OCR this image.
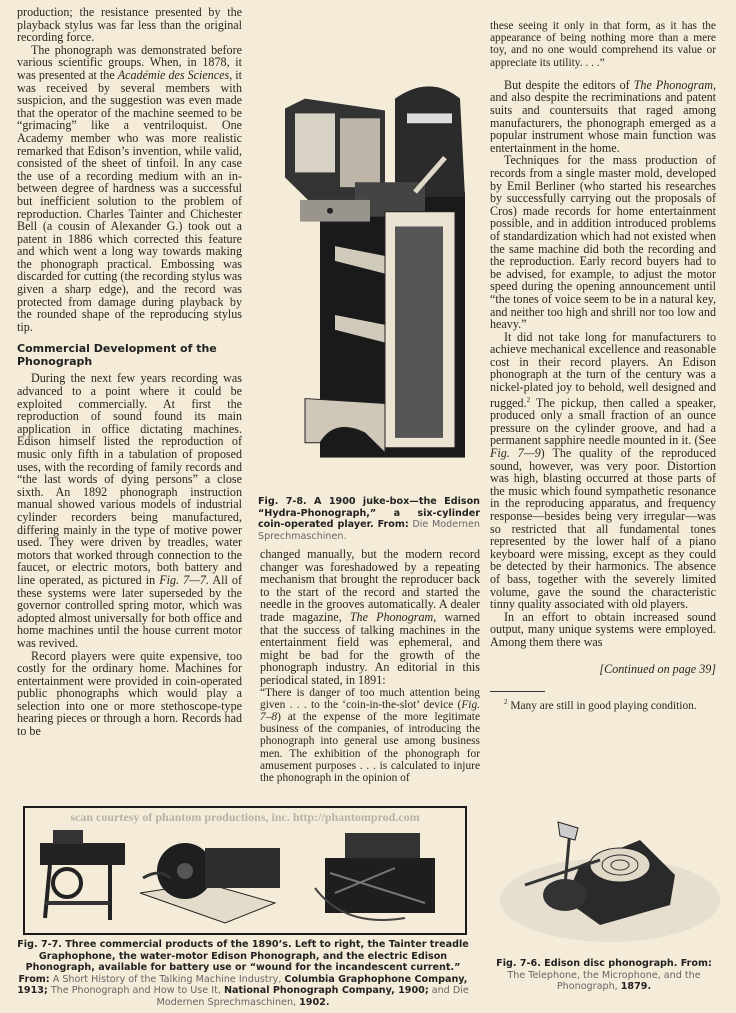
production; the resistance presented by the playback stylus was far less than the original recording force.

The phonograph was demonstrated before various scientific groups. When, in 1878, it was presented at the Académie des Sciences, it was received by several members with suspicion, and the suggestion was even made that the operator of the machine seemed to be “grimacing” like a ventriloquist. One Academy member who was more realistic remarked that Edison’s invention, while valid, consisted of the sheet of tinfoil. In any case the use of a recording medium with an in-between degree of hardness was a successful but inefficient solution to the problem of reproduction. Charles Tainter and Chichester Bell (a cousin of Alexander G.) took out a patent in 1886 which corrected this feature and which went a long way towards making the phonograph practical. Embossing was discarded for cutting (the recording stylus was given a sharp edge), and the record was protected from damage during playback by the rounded shape of the reproducing stylus tip.

Commercial Development of the Phonograph

During the next few years recording was advanced to a point where it could be exploited commercially. At first the reproduction of sound found its main application in office dictating machines. Edison himself listed the reproduction of music only fifth in a tabulation of proposed uses, with the recording of family records and “the last words of dying persons” a close sixth. An 1892 phonograph instruction manual showed various models of industrial cylinder recorders being manufactured, differing mainly in the type of motive power used. They were driven by treadles, water motors that worked through connection to the faucet, or electric motors, both battery and line operated, as pictured in Fig. 7—7. All of these systems were later superseded by the governor controlled spring motor, which was adopted almost universally for both office and home machines until the house current motor was revived.

Record players were quite expensive, too costly for the ordinary home. Machines for entertainment were provided in coin-operated public phonographs which would play a selection into one or more stethoscope-type hearing pieces or through a horn. Records had to be

Fig. 7-8. A 1900 juke-box—the Edison “Hydra-Phonograph,” a six-cylinder coin-operated player. From: Die Modernen Sprechmaschinen.

changed manually, but the modern record changer was foreshadowed by a repeating mechanism that brought the reproducer back to the start of the record and started the needle in the grooves automatically. A dealer trade magazine, The Phonogram, warned that the success of talking machines in the entertainment field was ephemeral, and might be bad for the growth of the phonograph industry. An editorial in this periodical stated, in 1891:

“There is danger of too much attention being given . . . to the ‘coin-in-the-slot’ device (Fig. 7–8) at the expense of the more legitimate business of the companies, of introducing the phonograph into general use among business men. The exhibition of the phonograph for amusement purposes . . . is calculated to injure the phonograph in the opinion of

these seeing it only in that form, as it has the appearance of being nothing more than a mere toy, and no one would comprehend its value or appreciate its utility. . . .”

But despite the editors of The Phonogram, and also despite the recriminations and patent suits and countersuits that raged among manufacturers, the phonograph emerged as a popular instrument whose main function was entertainment in the home.

Techniques for the mass production of records from a single master mold, developed by Emil Berliner (who started his researches by successfully carrying out the proposals of Cros) made records for home entertainment possible, and in addition introduced problems of standardization which had not existed when the same machine did both the recording and the reproduction. Early record buyers had to be advised, for example, to adjust the motor speed during the opening announcement until “the tones of voice seem to be in a natural key, and neither too high and shrill nor too low and heavy.”

It did not take long for manufacturers to achieve mechanical excellence and reasonable cost in their record players. An Edison phonograph at the turn of the century was a nickel-plated joy to behold, well designed and rugged.$^2$ The pickup, then called a speaker, produced only a small fraction of an ounce pressure on the cylinder groove, and had a permanent sapphire needle mounted in it. (See Fig. 7—9) The quality of the reproduced sound, however, was very poor. Distortion was high, blasting occurred at those parts of the music which found sympathetic resonance in the reproducing apparatus, and frequency response—besides being very irregular—was so restricted that all fundamental tones represented by the lower half of a piano keyboard were missing, except as they could be detected by their harmonics. The absence of bass, together with the severely limited volume, gave the sound the characteristic tinny quality associated with old players.

In an effort to obtain increased sound output, many unique systems were employed. Among them there was

[Continued on page 39]

$^2$ Many are still in good playing condition.

scan courtesy of phantom productions, inc. http://phantomprod.com
Fig. 7-7. Three commercial products of the 1890’s. Left to right, the Tainter treadle Graphophone, the water-motor Edison Phonograph, and the electric Edison Phonograph, available for battery use or “wound for the incandescent current.” From: A Short History of the Talking Machine Industry, Columbia Graphophone Company, 1913; The Phonograph and How to Use It, National Phonograph Company, 1900; and Die Modernen Sprechmaschinen, 1902.
Fig. 7-6. Edison disc phonograph. From: The Telephone, the Microphone, and the Phonograph, 1879.
